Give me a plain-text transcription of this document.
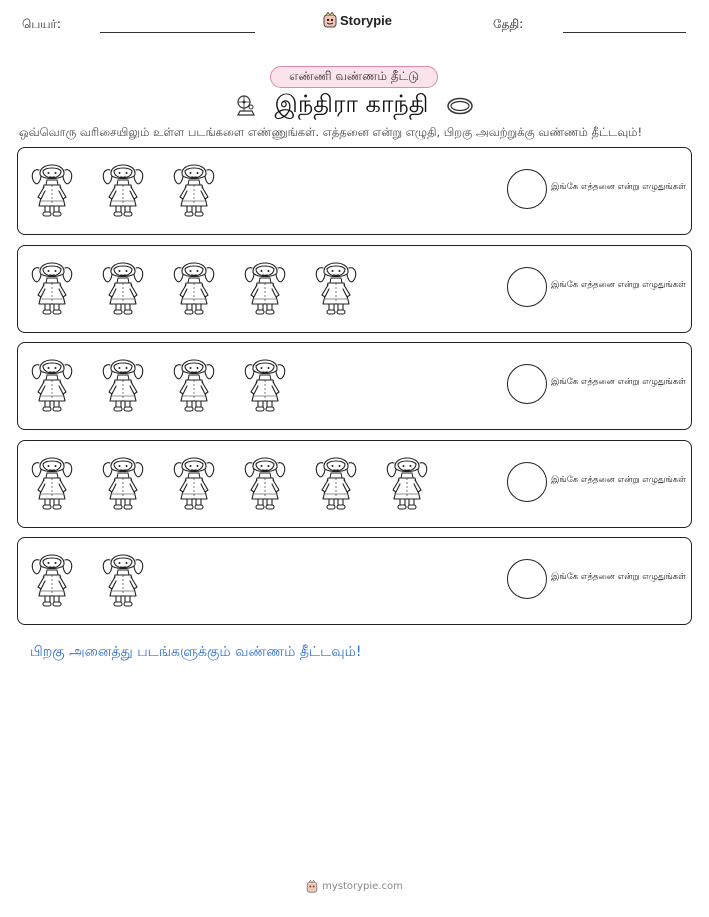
பெயர்:	Storypie	தேதி:
எண்ணி வண்ணம் தீட்டு
இந்திரா காந்தி
ஒவ்வொரு வரிசையிலும் உள்ள படங்களை எண்ணுங்கள். எத்தனை என்று எழுதி, பிறகு அவற்றுக்கு வண்ணம் தீட்டவும்!
இங்கே எத்தனை என்று எழுதுங்கள்
இங்கே எத்தனை என்று எழுதுங்கள்
இங்கே எத்தனை என்று எழுதுங்கள்
இங்கே எத்தனை என்று எழுதுங்கள்
இங்கே எத்தனை என்று எழுதுங்கள்
பிறகு அனைத்து படங்களுக்கும் வண்ணம் தீட்டவும்!
mystorypie.com
